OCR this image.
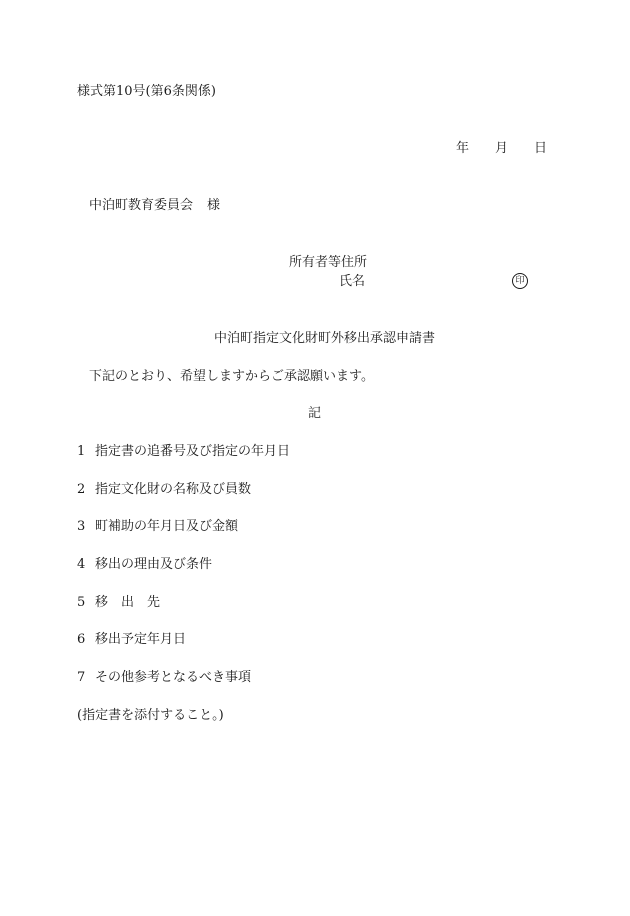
様式第10号(第6条関係)
年 月 日
中泊町教育委員会 様
所有者等住所
氏名	印
中泊町指定文化財町外移出承認申請書
下記のとおり、希望しますからご承認願います。
記
1 指定書の追番号及び指定の年月日
2 指定文化財の名称及び員数
3 町補助の年月日及び金額
4 移出の理由及び条件
5 移　出　先
6 移出予定年月日
7 その他参考となるべき事項
(指定書を添付すること。)
